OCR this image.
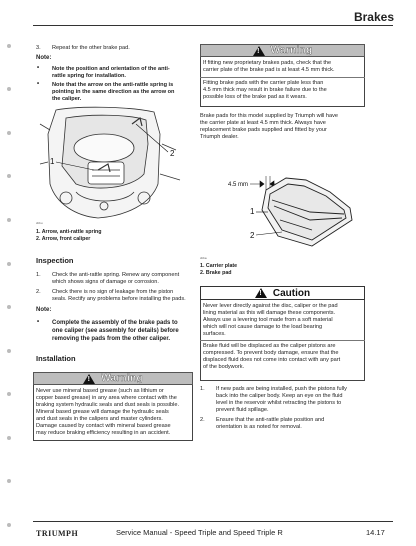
Brakes
3. Repeat for the other brake pad.
Note:
• Note the position and orientation of the anti-
rattle spring for installation.
• Note that the arrow on the anti-rattle spring is
pointing in the same direction as the arrow on
the caliper.
1
2
cbbu
1. Arrow, anti-rattle spring
2. Arrow, front caliper
Inspection
1. Check the anti-rattle spring. Renew any component
which shows signs of damage or corrosion.
2. Check there is no sign of leakage from the piston
seals. Rectify any problems before installing the pads.
Note:
• Complete the assembly of the brake pads to
one caliper (see assembly for details) before
removing the pads from the other caliper.
Installation
!
Warning
Never use mineral based grease (such as lithium or
copper based grease) in any area where contact with the
braking system hydraulic seals and dust seals is possible.
Mineral based grease will damage the hydraulic seals
and dust seals in the calipers and master cylinders.
Damage caused by contact with mineral based grease
may reduce braking efficiency resulting in an accident.
!
Warning
If fitting new proprietary brakes pads, check that the
carrier plate of the brake pad is at least 4.5 mm thick.
Fitting brake pads with the carrier plate less than
4.5 mm thick may result in brake failure due to the
possible loss of the brake pad as it wears.
Brake pads for this model supplied by Triumph will have
the carrier plate at least 4.5 mm thick. Always have
replacement brake pads supplied and fitted by your
Triumph dealer.
4.5 mm
1
2
cbba
1. Carrier plate
2. Brake pad
!
Caution
Never lever directly against the disc, caliper or the pad
lining material as this will damage these components.
Always use a levering tool made from a soft material
which will not cause damage to the load bearing
surfaces.
Brake fluid will be displaced as the caliper pistons are
compressed. To prevent body damage, ensure that the
displaced fluid does not come into contact with any part
of the bodywork.
1. If new pads are being installed, push the pistons fully
back into the caliper body. Keep an eye on the fluid
level in the reservoir whilst retracting the pistons to
prevent fluid spillage.
2. Ensure that the anti-rattle plate position and
orientation is as noted for removal.
TRIUMPH	Service Manual - Speed Triple and Speed Triple R	14.17
